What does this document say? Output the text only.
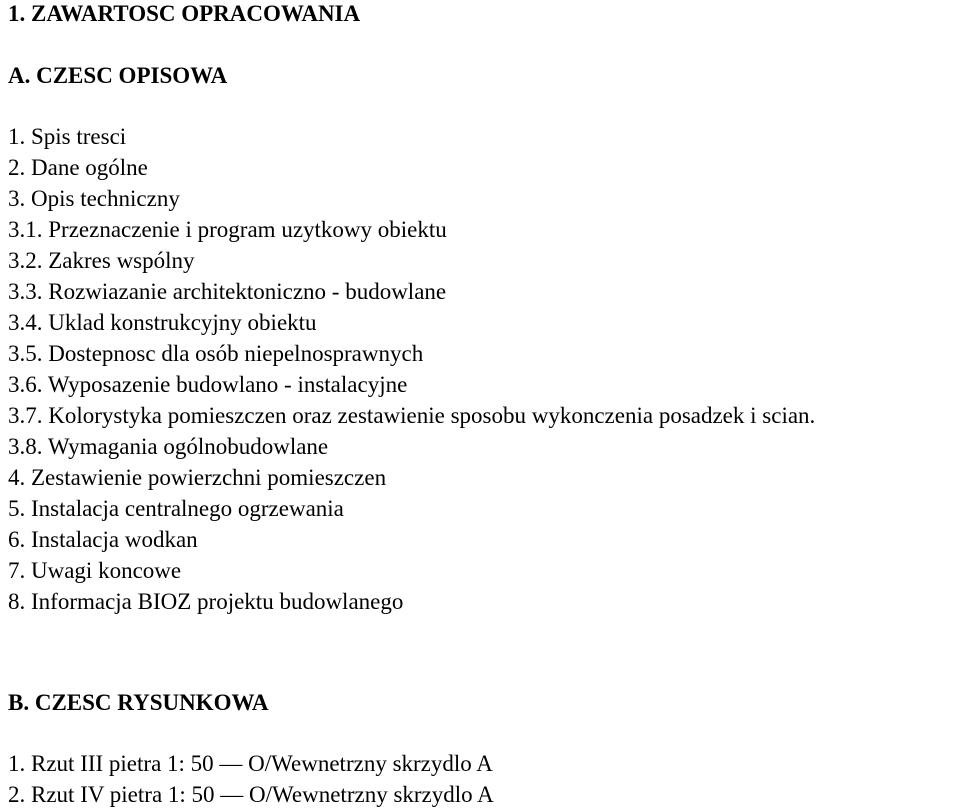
1. ZAWARTOSC OPRACOWANIA
A. CZESC OPISOWA
1. Spis tresci
2. Dane ogólne
3. Opis techniczny
3.1. Przeznaczenie i program uzytkowy obiektu
3.2. Zakres wspólny
3.3. Rozwiazanie architektoniczno - budowlane
3.4. Uklad konstrukcyjny obiektu
3.5. Dostepnosc dla osób niepelnosprawnych
3.6. Wyposazenie budowlano - instalacyjne
3.7. Kolorystyka pomieszczen oraz zestawienie sposobu wykonczenia posadzek i scian.
3.8. Wymagania ogólnobudowlane
4. Zestawienie powierzchni pomieszczen
5. Instalacja centralnego ogrzewania
6. Instalacja wodkan
7. Uwagi koncowe
8. Informacja BIOZ projektu budowlanego
B. CZESC RYSUNKOWA
1. Rzut III pietra 1: 50 — O/Wewnetrzny skrzydlo A
2. Rzut IV pietra 1: 50 — O/Wewnetrzny skrzydlo A
